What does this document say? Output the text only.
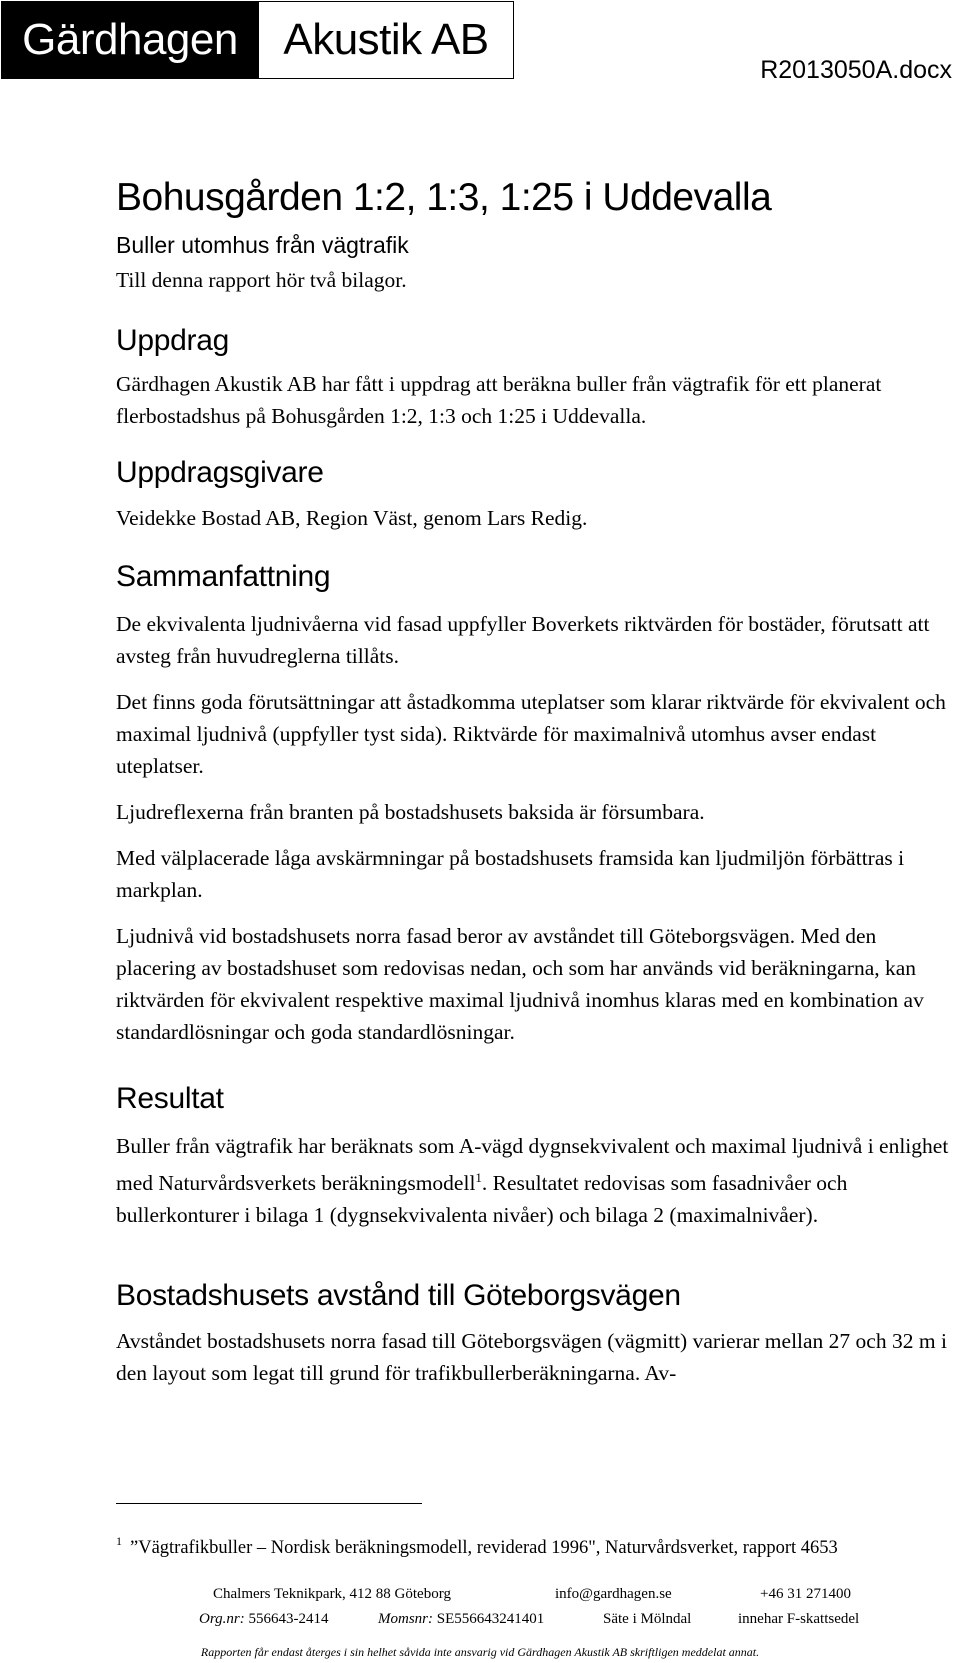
Gärdhagen	Akustik AB
R2013050A.docx
Bohusgården 1:2, 1:3, 1:25 i Uddevalla
Buller utomhus från vägtrafik

Till denna rapport hör två bilagor.

Uppdrag

Gärdhagen Akustik AB har fått i uppdrag att beräkna buller från vägtrafik för ett planerat flerbostadshus på Bohusgården 1:2, 1:3 och 1:25 i Uddevalla.

Uppdragsgivare

Veidekke Bostad AB, Region Väst, genom Lars Redig.

Sammanfattning

De ekvivalenta ljudnivåerna vid fasad uppfyller Boverkets riktvärden för bostäder, förutsatt att avsteg från huvudreglerna tillåts.

Det finns goda förutsättningar att åstadkomma uteplatser som klarar riktvärde för ekvivalent och maximal ljudnivå (uppfyller tyst sida). Riktvärde för maximalnivå utomhus avser endast uteplatser.

Ljudreflexerna från branten på bostadshusets baksida är försumbara.

Med välplacerade låga avskärmningar på bostadshusets framsida kan ljudmiljön förbättras i markplan.

Ljudnivå vid bostadshusets norra fasad beror av avståndet till Göteborgsvägen. Med den placering av bostadshuset som redovisas nedan, och som har används vid beräkningarna, kan riktvärden för ekvivalent respektive maximal ljudnivå inomhus klaras med en kombination av standardlösningar och goda standardlösningar.

Resultat

Buller från vägtrafik har beräknats som A-vägd dygnsekvivalent och maximal ljudnivå i enlighet med Naturvårdsverkets beräkningsmodell$^1$. Resultatet redovisas som fasadnivåer och bullerkonturer i bilaga 1 (dygnsekvivalenta nivåer) och bilaga 2 (maximalnivåer).

Bostadshusets avstånd till Göteborgsvägen

Avståndet bostadshusets norra fasad till Göteborgsvägen (vägmitt) varierar mellan 27 och 32 m i den layout som legat till grund för trafikbullerberäkningarna. Av-

$^1$ ”Vägtrafikbuller – Nordisk beräkningsmodell, reviderad 1996", Naturvårdsverket, rapport 4653
Chalmers Teknikpark, 412 88 Göteborg	info@gardhagen.se	+46 31 271400
Org.nr: 556643-2414	Momsnr: SE556643241401	Säte i Mölndal	innehar F-skattsedel
Rapporten får endast återges i sin helhet såvida inte ansvarig vid Gärdhagen Akustik AB skriftligen meddelat annat.
